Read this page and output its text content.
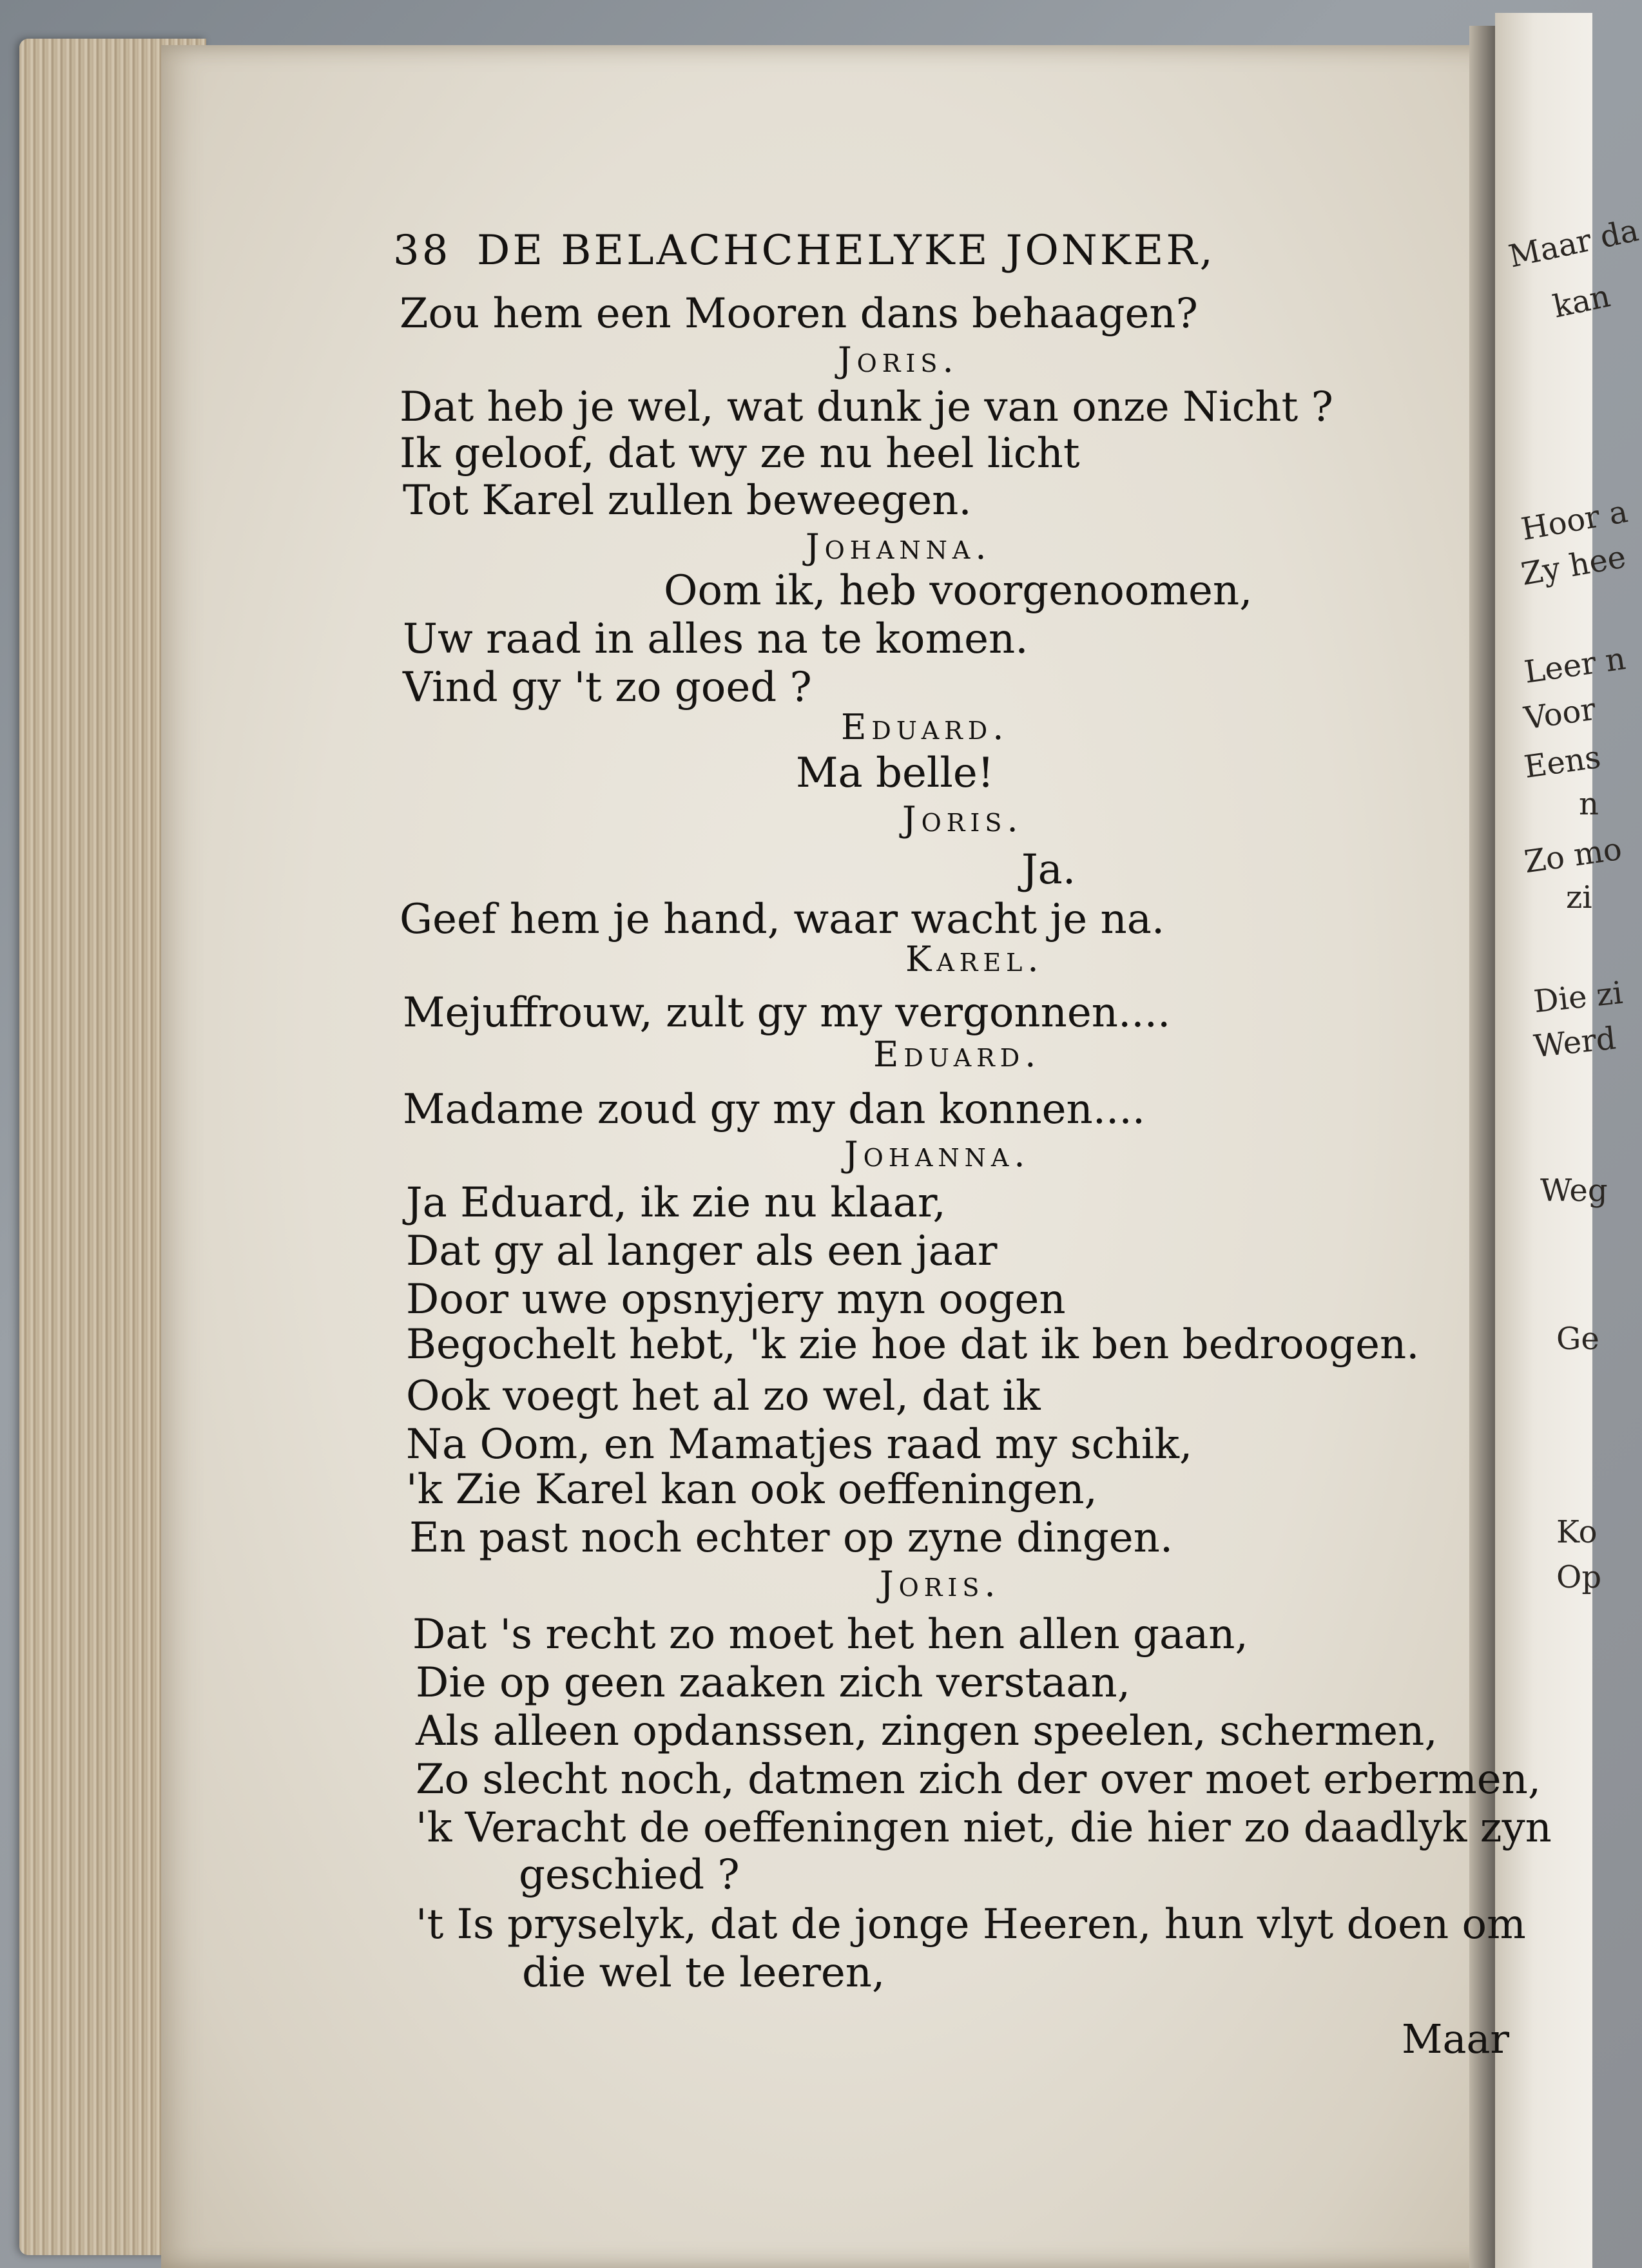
Maar da
kan
Hoor a
Zy hee
Leer n
Voor
Eens
n
Zo mo
zi
Die zi
Werd
Weg
Ge
Ko
Op
38 DE BELACHCHELYKE JONKER,
Zou hem een Mooren dans behaagen?
Joris.
Dat heb je wel, wat dunk je van onze Nicht ?
Ik geloof, dat wy ze nu heel licht
Tot Karel zullen beweegen.
Johanna.
Oom ik, heb voorgenoomen,
Uw raad in alles na te komen.
Vind gy 't zo goed ?
Eduard.
Ma belle!
Joris.
Ja.
Geef hem je hand, waar wacht je na.
Karel.
Mejuffrouw, zult gy my vergonnen....
Eduard.
Madame zoud gy my dan konnen....
Johanna.
Ja Eduard, ik zie nu klaar,
Dat gy al langer als een jaar
Door uwe opsnyjery myn oogen
Begochelt hebt, 'k zie hoe dat ik ben bedroogen.
Ook voegt het al zo wel, dat ik
Na Oom, en Mamatjes raad my schik,
'k Zie Karel kan ook oeffeningen,
En past noch echter op zyne dingen.
Joris.
Dat 's recht zo moet het hen allen gaan,
Die op geen zaaken zich verstaan,
Als alleen opdanssen, zingen speelen, schermen,
Zo slecht noch, datmen zich der over moet erbermen,
'k Veracht de oeffeningen niet, die hier zo daadlyk zyn
geschied ?
't Is pryselyk, dat de jonge Heeren, hun vlyt doen om
die wel te leeren,
Maar
